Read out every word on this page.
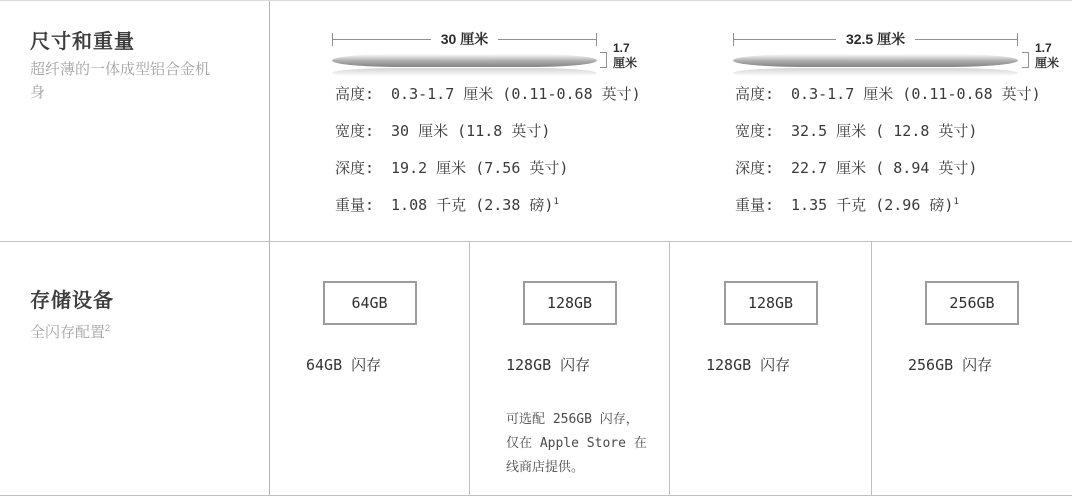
尺寸和重量
超纤薄的一体成型铝合金机身
30 厘米
1.7
厘米
高度: 0.3-1.7 厘米 (0.11-0.68 英寸)
宽度: 30 厘米 (11.8 英寸)
深度: 19.2 厘米 (7.56 英寸)
重量: 1.08 千克 (2.38 磅)$^1$
32.5 厘米
1.7
厘米
高度: 0.3-1.7 厘米 (0.11-0.68 英寸)
宽度: 32.5 厘米 ( 12.8 英寸)
深度: 22.7 厘米 ( 8.94 英寸)
重量: 1.35 千克 (2.96 磅)$^1$
存储设备
全闪存配置$^2$
64GB
64GB 闪存
128GB
128GB 闪存
可选配 256GB 闪存，
仅在 Apple Store 在
线商店提供。
128GB
128GB 闪存
256GB
256GB 闪存
